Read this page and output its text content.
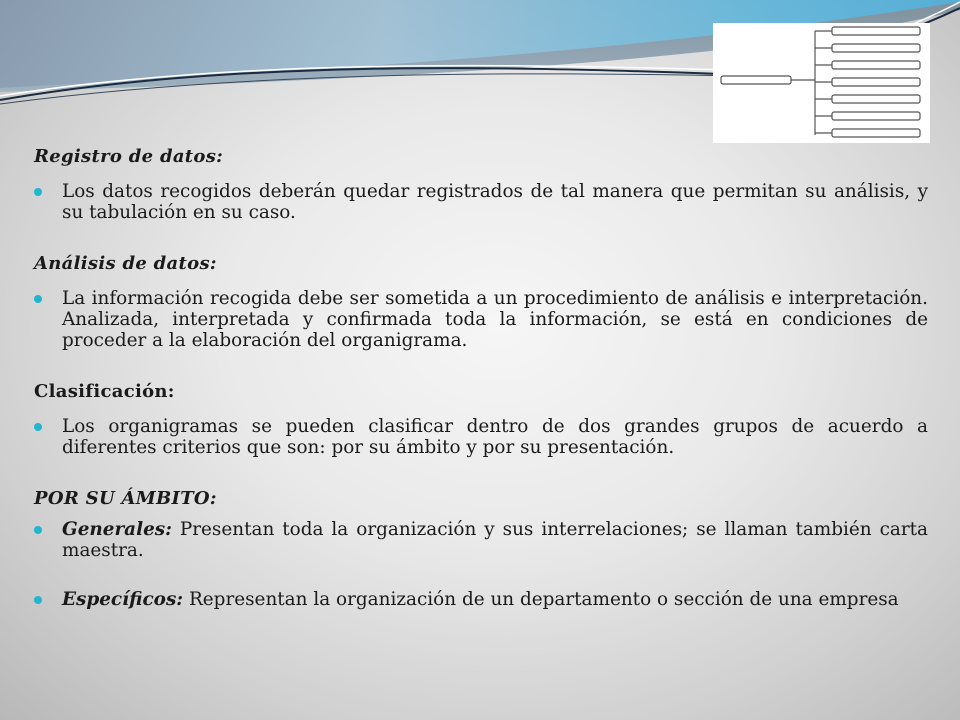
Registro de datos:
Los datos recogidos deberán quedar registrados de tal manera que permitan su análisis, y su tabulación en su caso.
Análisis de datos:
La información recogida debe ser sometida a un procedimiento de análisis e interpretación. Analizada, interpretada y confirmada toda la información, se está en condiciones de proceder a la elaboración del organigrama.
Clasificación:
Los organigramas se pueden clasificar dentro de dos grandes grupos de acuerdo a diferentes criterios que son: por su ámbito y por su presentación.
POR SU ÁMBITO:
Generales: Presentan toda la organización y sus interrelaciones; se llaman también carta maestra.
Específicos: Representan la organización de un departamento o sección de una empresa
